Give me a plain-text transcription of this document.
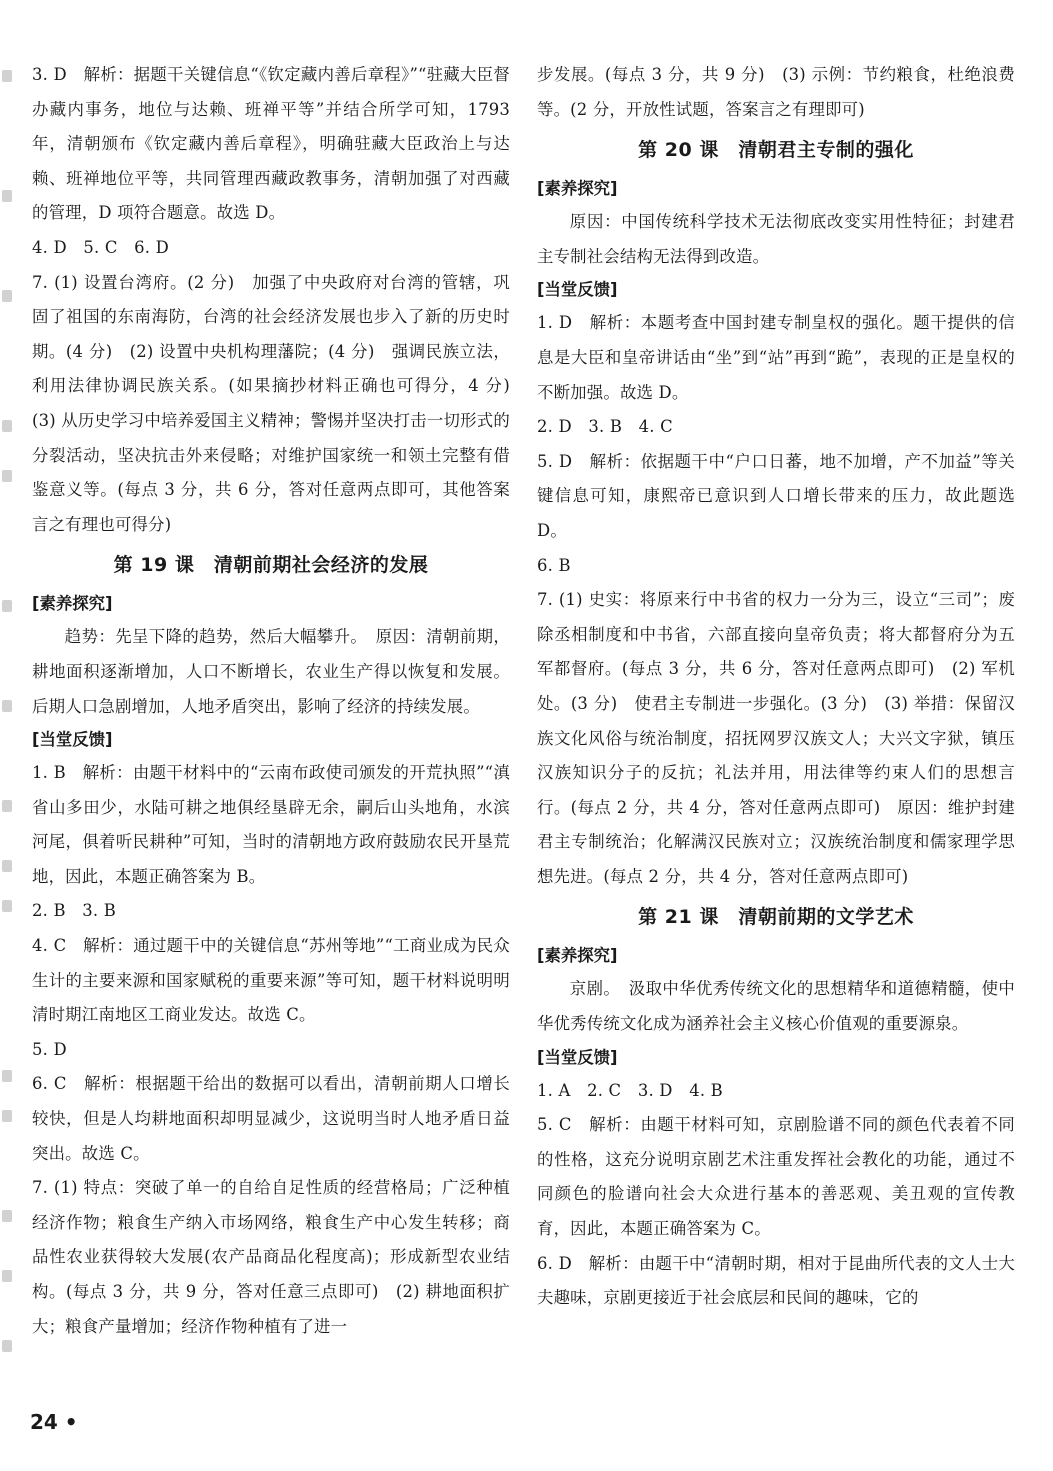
3. D　解析：据题干关键信息“《钦定藏内善后章程》”“驻藏大臣督办藏内事务，地位与达赖、班禅平等”并结合所学可知，1793 年，清朝颁布《钦定藏内善后章程》，明确驻藏大臣政治上与达赖、班禅地位平等，共同管理西藏政教事务，清朝加强了对西藏的管理，D 项符合题意。故选 D。

4. D　5. C　6. D

7. (1) 设置台湾府。(2 分)　加强了中央政府对台湾的管辖，巩固了祖国的东南海防，台湾的社会经济发展也步入了新的历史时期。(4 分)　(2) 设置中央机构理藩院；(4 分)　强调民族立法，利用法律协调民族关系。(如果摘抄材料正确也可得分，4 分)　(3) 从历史学习中培养爱国主义精神；警惕并坚决打击一切形式的分裂活动，坚决抗击外来侵略；对维护国家统一和领土完整有借鉴意义等。(每点 3 分，共 6 分，答对任意两点即可，其他答案言之有理也可得分)

第 19 课　清朝前期社会经济的发展
[素养探究]

趋势：先呈下降的趋势，然后大幅攀升。　原因：清朝前期，耕地面积逐渐增加，人口不断增长，农业生产得以恢复和发展。后期人口急剧增加，人地矛盾突出，影响了经济的持续发展。

[当堂反馈]

1. B　解析：由题干材料中的“云南布政使司颁发的开荒执照”“滇省山多田少，水陆可耕之地俱经垦辟无余，嗣后山头地角，水滨河尾，俱着听民耕种”可知，当时的清朝地方政府鼓励农民开垦荒地，因此，本题正确答案为 B。

2. B　3. B

4. C　解析：通过题干中的关键信息“苏州等地”“工商业成为民众生计的主要来源和国家赋税的重要来源”等可知，题干材料说明明清时期江南地区工商业发达。故选 C。

5. D

6. C　解析：根据题干给出的数据可以看出，清朝前期人口增长较快，但是人均耕地面积却明显减少，这说明当时人地矛盾日益突出。故选 C。

7. (1) 特点：突破了单一的自给自足性质的经营格局；广泛种植经济作物；粮食生产纳入市场网络，粮食生产中心发生转移；商品性农业获得较大发展(农产品商品化程度高)；形成新型农业结构。(每点 3 分，共 9 分，答对任意三点即可)　(2) 耕地面积扩大；粮食产量增加；经济作物种植有了进一

步发展。(每点 3 分，共 9 分)　(3) 示例：节约粮食，杜绝浪费等。(2 分，开放性试题，答案言之有理即可)

第 20 课　清朝君主专制的强化
[素养探究]

原因：中国传统科学技术无法彻底改变实用性特征；封建君主专制社会结构无法得到改造。

[当堂反馈]

1. D　解析：本题考查中国封建专制皇权的强化。题干提供的信息是大臣和皇帝讲话由“坐”到“站”再到“跪”，表现的正是皇权的不断加强。故选 D。

2. D　3. B　4. C

5. D　解析：依据题干中“户口日蕃，地不加增，产不加益”等关键信息可知，康熙帝已意识到人口增长带来的压力，故此题选 D。

6. B

7. (1) 史实：将原来行中书省的权力一分为三，设立“三司”；废除丞相制度和中书省，六部直接向皇帝负责；将大都督府分为五军都督府。(每点 3 分，共 6 分，答对任意两点即可)　(2) 军机处。(3 分)　使君主专制进一步强化。(3 分)　(3) 举措：保留汉族文化风俗与统治制度，招抚网罗汉族文人；大兴文字狱，镇压汉族知识分子的反抗；礼法并用，用法律等约束人们的思想言行。(每点 2 分，共 4 分，答对任意两点即可)　原因：维护封建君主专制统治；化解满汉民族对立；汉族统治制度和儒家理学思想先进。(每点 2 分，共 4 分，答对任意两点即可)

第 21 课　清朝前期的文学艺术
[素养探究]

京剧。　汲取中华优秀传统文化的思想精华和道德精髓，使中华优秀传统文化成为涵养社会主义核心价值观的重要源泉。

[当堂反馈]

1. A　2. C　3. D　4. B

5. C　解析：由题干材料可知，京剧脸谱不同的颜色代表着不同的性格，这充分说明京剧艺术注重发挥社会教化的功能，通过不同颜色的脸谱向社会大众进行基本的善恶观、美丑观的宣传教育，因此，本题正确答案为 C。

6. D　解析：由题干中“清朝时期，相对于昆曲所代表的文人士大夫趣味，京剧更接近于社会底层和民间的趣味，它的

24 •
